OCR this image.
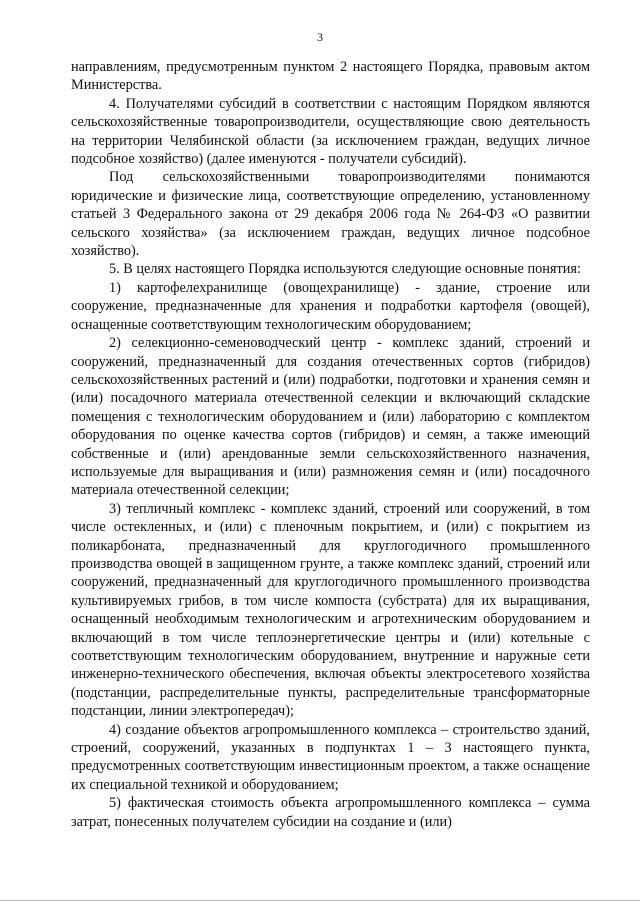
3

направлениям, предусмотренным пунктом 2 настоящего Порядка, правовым актом Министерства.

4. Получателями субсидий в соответствии с настоящим Порядком являются сельскохозяйственные товаропроизводители, осуществляющие свою деятельность на территории Челябинской области (за исключением граждан, ведущих личное подсобное хозяйство) (далее именуются - получатели субсидий).

Под сельскохозяйственными товаропроизводителями понимаются юридические и физические лица, соответствующие определению, установленному статьей 3 Федерального закона от 29 декабря 2006 года № 264-ФЗ «О развитии сельского хозяйства» (за исключением граждан, ведущих личное подсобное хозяйство).

5. В целях настоящего Порядка используются следующие основные понятия:

1) картофелехранилище (овощехранилище) - здание, строение или сооружение, предназначенные для хранения и подработки картофеля (овощей), оснащенные соответствующим технологическим оборудованием;

2) селекционно-семеноводческий центр - комплекс зданий, строений и сооружений, предназначенный для создания отечественных сортов (гибридов) сельскохозяйственных растений и (или) подработки, подготовки и хранения семян и (или) посадочного материала отечественной селекции и включающий складские помещения с технологическим оборудованием и (или) лабораторию с комплектом оборудования по оценке качества сортов (гибридов) и семян, а также имеющий собственные и (или) арендованные земли сельскохозяйственного назначения, используемые для выращивания и (или) размножения семян и (или) посадочного материала отечественной селекции;

3) тепличный комплекс - комплекс зданий, строений или сооружений, в том числе остекленных, и (или) с пленочным покрытием, и (или) с покрытием из поликарбоната, предназначенный для круглогодичного промышленного производства овощей в защищенном грунте, а также комплекс зданий, строений или сооружений, предназначенный для круглогодичного промышленного производства культивируемых грибов, в том числе компоста (субстрата) для их выращивания, оснащенный необходимым технологическим и агротехническим оборудованием и включающий в том числе теплоэнергетические центры и (или) котельные с соответствующим технологическим оборудованием, внутренние и наружные сети инженерно-технического обеспечения, включая объекты электросетевого хозяйства (подстанции, распределительные пункты, распределительные трансформаторные подстанции, линии электропередач);

4) создание объектов агропромышленного комплекса – строительство зданий, строений, сооружений, указанных в подпунктах 1 – 3 настоящего пункта, предусмотренных соответствующим инвестиционным проектом, а также оснащение их специальной техникой и оборудованием;

5) фактическая стоимость объекта агропромышленного комплекса – сумма затрат, понесенных получателем субсидии на создание и (или)
